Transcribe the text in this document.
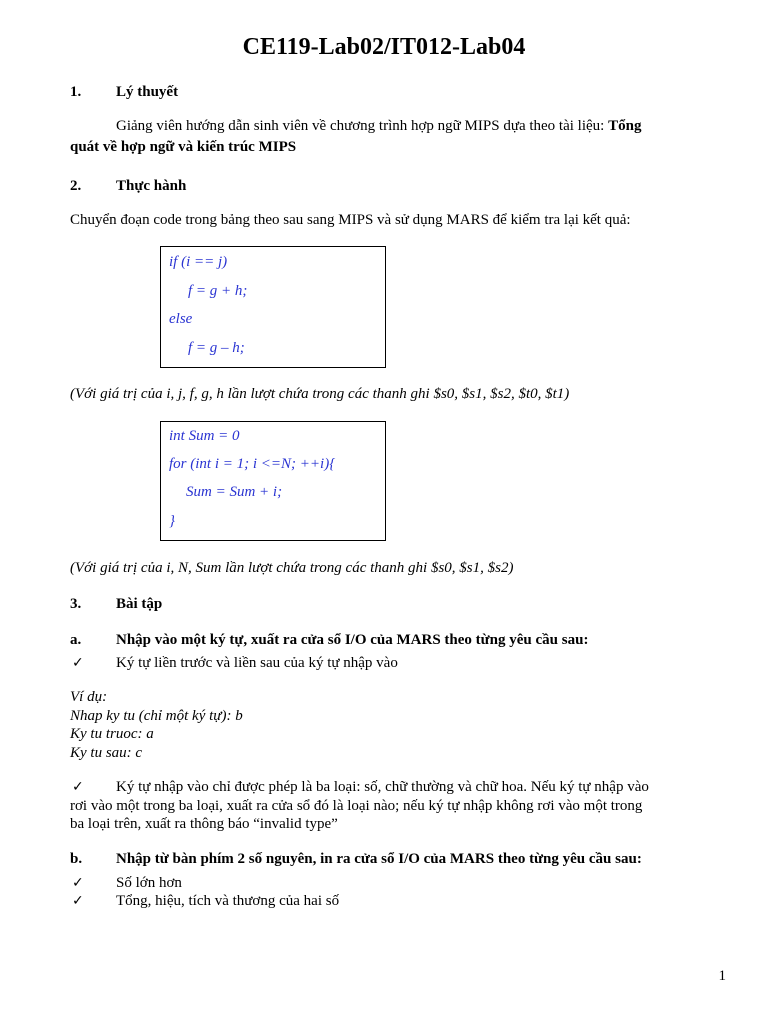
CE119-Lab02/IT012-Lab04
1. Lý thuyết
Giảng viên hướng dẫn sinh viên về chương trình hợp ngữ MIPS dựa theo tài liệu: Tổng
quát về hợp ngữ và kiến trúc MIPS
2. Thực hành
Chuyển đoạn code trong bảng theo sau sang MIPS và sử dụng MARS để kiểm tra lại kết quả:
if (i == j)
f = g + h;
else
f = g – h;
(Với giá trị của i, j, f, g, h lần lượt chứa trong các thanh ghi $s0, $s1, $s2, $t0, $t1)
int Sum = 0
for (int i = 1; i <=N; ++i){
Sum = Sum + i;
}
(Với giá trị của i, N, Sum lần lượt chứa trong các thanh ghi $s0, $s1, $s2)
3. Bài tập
a. Nhập vào một ký tự, xuất ra cửa sổ I/O của MARS theo từng yêu cầu sau:
✓ Ký tự liền trước và liền sau của ký tự nhập vào
Ví dụ:
Nhap ky tu (chỉ một ký tự): b
Ky tu truoc: a
Ky tu sau: c
✓ Ký tự nhập vào chỉ được phép là ba loại: số, chữ thường và chữ hoa. Nếu ký tự nhập vào
rơi vào một trong ba loại, xuất ra cửa sổ đó là loại nào; nếu ký tự nhập không rơi vào một trong
ba loại trên, xuất ra thông báo “invalid type”
b. Nhập từ bàn phím 2 số nguyên, in ra cửa sổ I/O của MARS theo từng yêu cầu sau:
✓ Số lớn hơn
✓ Tổng, hiệu, tích và thương của hai số
1
